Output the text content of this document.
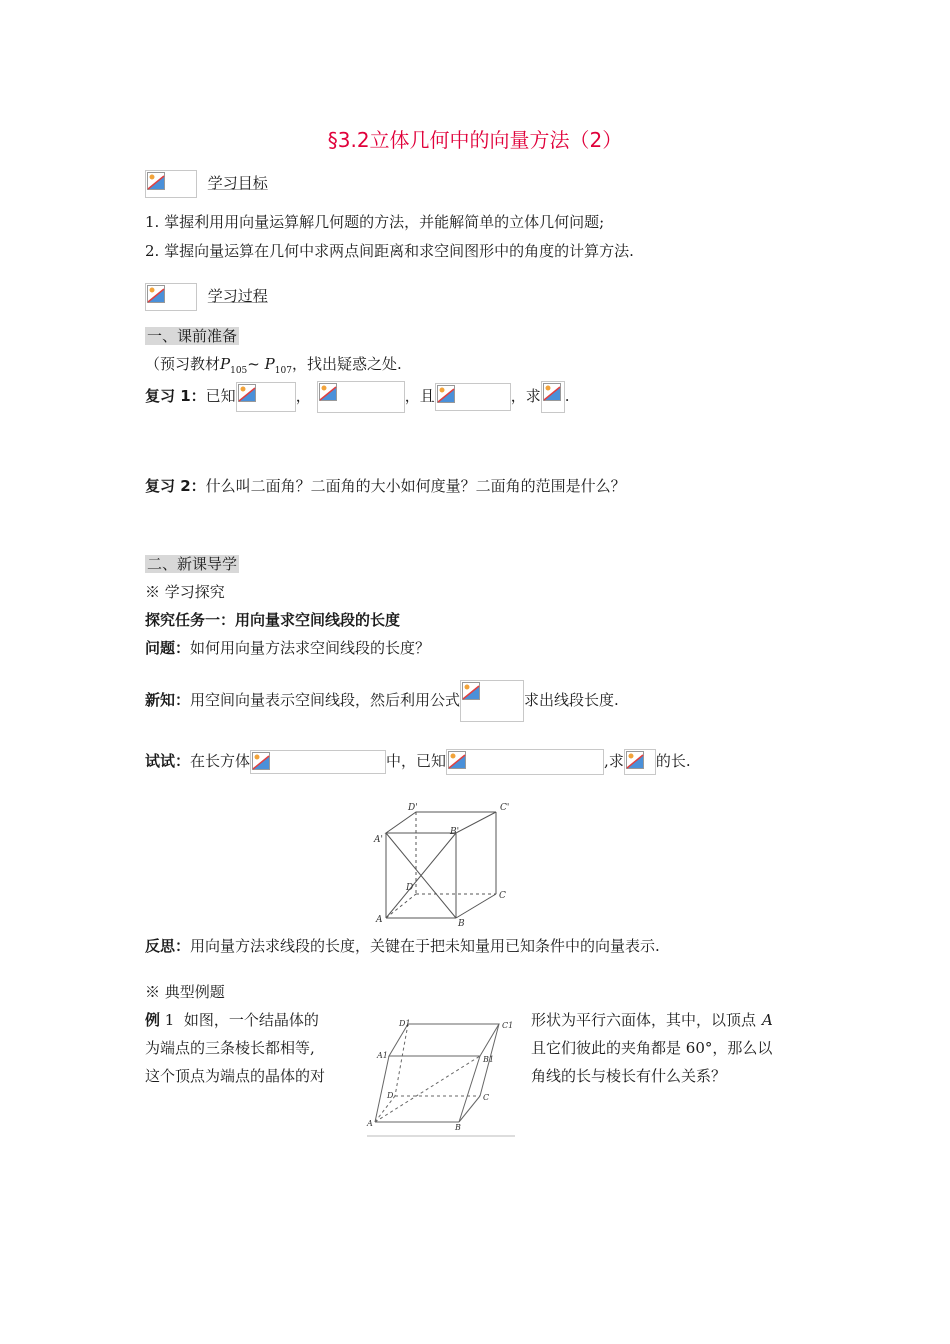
§3.2立体几何中的向量方法（2）
学习目标
1. 掌握利用用向量运算解几何题的方法，并能解简单的立体几何问题;
2. 掌握向量运算在几何中求两点间距离和求空间图形中的角度的计算方法.
学习过程
一、课前准备
（预习教材$P_{105}\sim$ $P_{107}$，找出疑惑之处.
复习 1：已知	，	，且	，求 .
复习 2：什么叫二面角？二面角的大小如何度量？二面角的范围是什么？
二、新课导学
※ 学习探究
探究任务一：用向量求空间线段的长度
问题：如何用向量方法求空间线段的长度？
新知：用空间向量表示空间线段，然后利用公式	求出线段长度.
试试：在长方体	中，已知	,求 的长.
D'	C'
A'
B'
D
C
A	B
反思：用向量方法求线段的长度，关键在于把未知量用已知条件中的向量表示.
※ 典型例题
例 1 如图，一个结晶体的
为端点的三条棱长都相等,
这个顶点为端点的晶体的对
形状为平行六面体，其中，以顶点 A
且它们彼此的夹角都是 60°，那么以
角线的长与棱长有什么关系？
D1	C1
A1	B1
D	C
A	B
